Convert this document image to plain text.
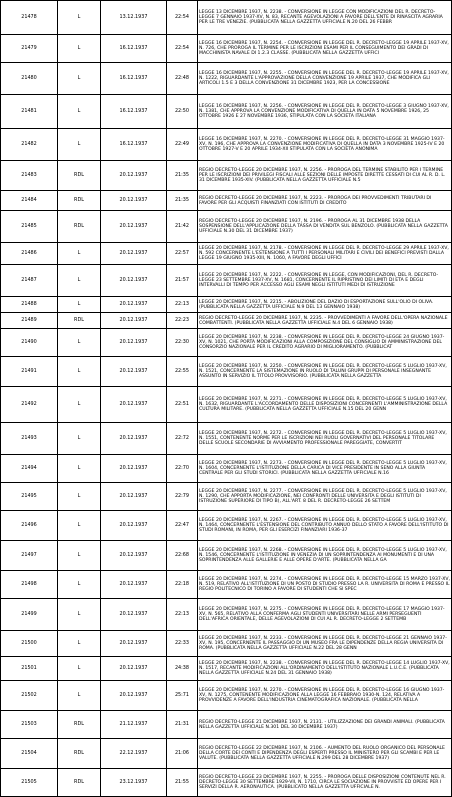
21478	L	13.12.1937	22:54	LEGGE 13 DICEMBRE 1937, N. 2238. - CONVERSIONE IN LEGGE CON MODIFICAZIONI DEL R. DECRETO-LEGGE 7 GENNAIO 1937-XV, N. 83, RECANTE AGEVOLAZIONI A FAVORE DELL'ENTE DI RINASCITA AGRARIA PER LE TRE VENEZIE. (PUBBLICATA NELLA GAZZETTA UFFICIALE N.20 DEL 26 FEBBR

21479	L	16.12.1937	22:54	LEGGE 16 DICEMBRE 1937, N. 2254. - CONVERSIONE IN LEGGE DEL R. DECRETO-LEGGE 19 APRILE 1937-XV, N. 726, CHE PROROGA IL TERMINE PER LE ISCRIZIONI ESAMI PER IL CONSEGUIMENTO DEI GRADI DI MACCHINISTA NAVALE DI 1.2.3 CLASSE. (PUBBLICATA NELLA GAZZETTA UFFICI

21480	L	16.12.1937	22:48	LEGGE 16 DICEMBRE 1937, N. 2255. - CONVERSIONE IN LEGGE DEL R. DECRETO-LEGGE 19 APRILE 1937-XV, N. 1222, RIGUARDANTE L'APPROVAZIONE DELLA CONVENZIONE 19 APRILE 1937, CHE MODIFICA GLI ARTICOLI 1.5 E 3 DELLA CONVENZIONE 31 DICEMBRE 1923, PER LA CONCESSIONE

21481	L	16.12.1937	22:50	LEGGE 16 DICEMBRE 1937, N. 2256. - CONVERSIONE IN LEGGE DEL R. DECRETO-LEGGE 3 GIUGNO 1937-XV, N. 1381, CHE APPROVA LA CONVENZIONE MODIFICATIVA DI QUELLA IN DATA 5 NOVEMBRE 1926, 25 OTTOBRE 1926 E 27 NOVEMBRE 1936, STIPULATA CON LA SOCIETA ITALIANA

21482	L	16.12.1937	22:49	LEGGE 16 DICEMBRE 1937, N. 2270. - CONVERSIONE IN LEGGE DEL R. DECRETO-LEGGE 31 MAGGIO 1937-XV, N. 196, CHE APPROVA LA CONVENZIONE MODIFICATIVA DI QUELLA IN DATA 3 NOVEMBRE 1925-IV E 20 OTTOBRE 1927-V E 20 APRILE 1934-XII STIPULATA CON LA SOCIETA ANONIMA

21483	RDL	20.12.1937	21:35	REGIO DECRETO-LEGGE 20 DICEMBRE 1937, N. 2256. - PROROGA DEL TERMINE STABILITO PER I TERMINE PER LE ISCRIZIONI DEI PRIVILEGI FISCALI ALLE SEZIONI DELLE IMPOSTE DIRETTE CESSATI DI CUI AL R. D. L. 31 DICEMBRE 1935-XIV. (PUBBLICATA NELLA GAZZETTA UFFICIALE N.5

21484	RDL	20.12.1937	21:35	REGIO DECRETO-LEGGE 20 DICEMBRE 1937, N. 2223. - PROROGA DEI PROVVEDIMENTI TRIBUTARI DI FAVORE PER GLI ACQUISTI FINANZIATI CON ISTITUTI DI CREDITO

21485	RDL	20.12.1937	21:42	REGIO DECRETO-LEGGE 20 DICEMBRE 1937, N. 2196. - PROROGA AL 31 DICEMBRE 1938 DELLA SOSPENSIONE DELL'APPLICAZIONE DELLA TASSA DI VENDITA SUL BENZOLO. (PUBBLICATA NELLA GAZZETTA UFFICIALE N.30 DEL 31 DICEMBRE 1937)

21486	L	20.12.1937	22:57	LEGGE 20 DICEMBRE 1937, N. 2178. - CONVERSIONE IN LEGGE DEL R. DECRETO-LEGGE 29 APRILE 1937-XV, N. 592 CONCERNENTE L'ESTENSIONE A TUTTI I PERSONALI MILITARI E CIVILI DEI BENEFICI PREVISTI DALLA LEGGE 19 GIUGNO 1935-XIII, N. 1060, A FAVORE DEGLI UFFICI

21487	L	20.12.1937	21:57	LEGGE 20 DICEMBRE 1937, N. 2222. - CONVERSIONE IN LEGGE, CON MODIFICAZIONI, DEL R. DECRETO-LEGGE 23 SETTEMBRE 1937-XV, N. 1681, CONCERNENTE IL RIPRISTINO DEI LIMITI DI ETA E DEGLI INTERVALLI DI TEMPO PER ACCESSO AGLI ESAMI NEGLI ISTITUTI MEDI DI ISTRUZIONE

21488	L	20.12.1937	22:13	LEGGE 20 DICEMBRE 1937, N. 2215. - ABOLIZIONE DEL DAZIO DI ESPORTAZIONE SULL'OLIO DI OLIVA. (PUBBLICATA NELLA GAZZETTA UFFICIALE N.9 DEL 13 GENNAIO 1938)

21489	RDL	20.12.1937	22:23	REGIO DECRETO-LEGGE 20 DICEMBRE 1937, N. 2235. - PROVVEDIMENTI A FAVORE DELL'OPERA NAZIONALE COMBATTENTI. (PUBBLICATA NELLA GAZZETTA UFFICIALE N.4 DEL 6 GENNAIO 1938)

21490	L	20.12.1937	22:30	LEGGE 20 DICEMBRE 1937, N. 2238. - CONVERSIONE IN LEGGE DEL R. DECRETO-LEGGE 24 GIUGNO 1937-XV, N. 1021, CHE PORTA MODIFICAZIONI ALLA COMPOSIZIONE DEL CONSIGLIO DI AMMINISTRAZIONE DEL CONSORZIO NAZIONALE PER IL CREDITO AGRARIO DI MIGLIORAMENTO. (PUBBLICAT

21491	L	20.12.1937	22:55	LEGGE 20 DICEMBRE 1937, N. 2250. - CONVERSIONE IN LEGGE DEL R. DECRETO-LEGGE 5 LUGLIO 1937-XV, N. 1521, CONCERNENTE LA SISTEMAZIONE IN RUOLO DI TALUNI GRUPPI DI PERSONALE INSEGNANTE ASSUNTO IN SERVIZIO IL TITOLO PROVVISORIO. (PUBBLICATA NELLA GAZZETTA

21492	L	20.12.1937	22:51	LEGGE 20 DICEMBRE 1937, N. 2271. - CONVERSIONE IN LEGGE DEL R. DECRETO-LEGGE 5 LUGLIO 1937-XV, N. 1632, RIGUARDANTE L'ACCORDAMENTO DELLE DISPOSIZIONI CONCERNENTI L'AMMINISTRAZIONE DELLA CULTURA MILITARE. (PUBBLICATA NELLA GAZZETTA UFFICIALE N.15 DEL 20 GENN

21493	L	20.12.1937	22:72	LEGGE 20 DICEMBRE 1937, N. 2272. - CONVERSIONE IN LEGGE DEL R. DECRETO-LEGGE 5 LUGLIO 1937-XV, N. 1551, CONTENENTE NORME PER LE ISCRIZIONI NEI RUOLI GOVERNATIVI DEL PERSONALE TITOLARE DELLE SCUOLE SECONDARIE DI AVVIAMENTO PROFESSIONALE PAREGGIATE, CONVERTIT

21494	L	20.12.1937	22:70	LEGGE 20 DICEMBRE 1937, N. 2273. - CONVERSIONE IN LEGGE DEL R. DECRETO-LEGGE 5 LUGLIO 1937-XV, N. 1604, CONCERNENTE L'ISTITUZIONE DELLA CARICA DI VICE PRESIDENTE IN SENO ALLA GIUNTA CENTRALE PER GLI STUDI STORICI. (PUBBLICATA NELLA GAZZETTA UFFICIALE N.16

21495	L	20.12.1937	22:79	LEGGE 20 DICEMBRE 1937, N. 2277. - CONVERSIONE IN LEGGE DEL R. DECRETO-LEGGE 5 LUGLIO 1937-XV, N. 1290, CHE APPORTA MODIFICAZIONE, NEI CONFRONTI DELLE UNIVERSITA E DEGLI ISTITUTI DI ISTRUZIONE SUPERIORE DI TIPO B), ALL'ART. 8 DEL R. DECRETO-LEGGE 26 SETTEM

21496	L	20.12.1937	22:47	LEGGE 20 DICEMBRE 1937, N. 2267. - CONVERSIONE IN LEGGE DEL R. DECRETO-LEGGE 5 LUGLIO 1937-XV, N. 1464, CONCERNENTE L'ESTENSIONE DEL CONTRIBUTO ANNUO DELLO STATO A FAVORE DELL'ISTITUTO DI STUDI ROMANI, IN ROMA, PER GLI ESERCIZI FINANZIARI 1936-37

21497	L	20.12.1937	22:68	LEGGE 20 DICEMBRE 1937, N. 2268. - CONVERSIONE IN LEGGE DEL R. DECRETO-LEGGE 5 LUGLIO 1937-XV, N. 1546, CONCERNENTE L'ISTITUZIONE IN VENEZIA DI UN SOPRINTENDENZA AI MONUMENTI E DI UNA SOPRINTENDENZA ALLE GALLERIE E ALLE OPERE D'ARTE. (PUBBLICATA NELLA GA

21498	L	20.12.1937	22:18	LEGGE 20 DICEMBRE 1937, N. 2274. - CONVERSIONE IN LEGGE DEL R. DECRETO-LEGGE 15 MARZO 1937-XV, N. 519, RELATIVO ALL'ISTITUZIONE DI UN POSTO DI STUDIO PRESSO LA R. UNIVERSITA DI ROMA E PRESSO IL REGIO POLITECNICO DI TORINO A FAVORE DI STUDENTI CHE SI SPEC

21499	L	20.12.1937	22:13	LEGGE 20 DICEMBRE 1937, N. 2275. - CONVERSIONE IN LEGGE DEL R. DECRETO-LEGGE 17 MAGGIO 1937-XV, N. 565, RELATIVO ALLA CONFERMA AGLI STUDENTI UNIVERSITARI NELLE ARMI PERSEGUENTI DELL'AFRICA ORIENTALE, DELLE AGEVOLAZIONI DI CUI AL R. DECRETO-LEGGE 2 SETTEMB

21500	L	20.12.1937	22:33	LEGGE 20 DICEMBRE 1937, N. 2233. - CONVERSIONE IN LEGGE DEL R. DECRETO-LEGGE 21 GENNAIO 1937-XV, N. 195, CONCERNENTE IL PASSAGGIO DI UN MUSEO FRA LE DIPENDENZE DELLA REGIA UNIVERSITA DI ROMA. (PUBBLICATA NELLA GAZZETTA UFFICIALE N.22 DEL 28 GENN

21501	L	20.12.1937	24:38	LEGGE 20 DICEMBRE 1937, N. 2238. - CONVERSIONE IN LEGGE DEL R. DECRETO-LEGGE 14 LUGLIO 1937-XV, N. 1517, RECANTE MODIFICAZIONI ALL'ORDINAMENTO DELL'ISTITUTO NAZIONALE L.U.C.E. (PUBBLICATA NELLA GAZZETTA UFFICIALE N.24 DEL 31 GENNAIO 1938)

21502	L	20.12.1937	25:71	LEGGE 20 DICEMBRE 1937, N. 2270. - CONVERSIONE IN LEGGE DEL R. DECRETO-LEGGE 16 GIUGNO 1937-XV, N. 1275, CONTENENTE MODIFICAZIONE ALLA LEGGE 16 FEBBRAIO 1930-N. 124, RELATIVA A PROVVIDENZE A FAVORE DELL'INDUSTRIA CINEMATOGRAFICA NAZIONALE. (PUBBLICATA NELLA

21503	RDL	21.12.1937	21:31	REGIO DECRETO-LEGGE 21 DICEMBRE 1937, N. 2131. - UTILIZZAZIONE DEI GRANDI ANIMALI. (PUBBLICATA NELLA GAZZETTA UFFICIALE N.301 DEL 30 DICEMBRE 1937)

21504	RDL	22.12.1937	21:06	REGIO DECRETO-LEGGE 22 DICEMBRE 1937, N. 2106. - AUMENTO DEL RUOLO ORGANICO DEL PERSONALE DELLA CORTE DEI CONTI E DIPENDENZA DEGLI ESPERTI PRESSO IL MINISTERO PER GLI SCAMBI E PER LE VALUTE. (PUBBLICATA NELLA GAZZETTA UFFICIALE N.299 DEL 28 DICEMBRE 1937)

21505	RDL	23.12.1937	21:55	REGIO DECRETO-LEGGE 23 DICEMBRE 1937, N. 2255. - PROROGA DELLE DISPOSIZIONI CONTENUTE NEL R. DECRETO-LEGGE 30 SETTEMBRE 1929-VII, N. 1710, CIRCA LE SOCIAZIONE IN PROVVISTE ED OPERE PER I SERVIZI DELLA R. AERONAUTICA. (PUBBLICATO NELLA GAZZETTA UFFICIALE N.
